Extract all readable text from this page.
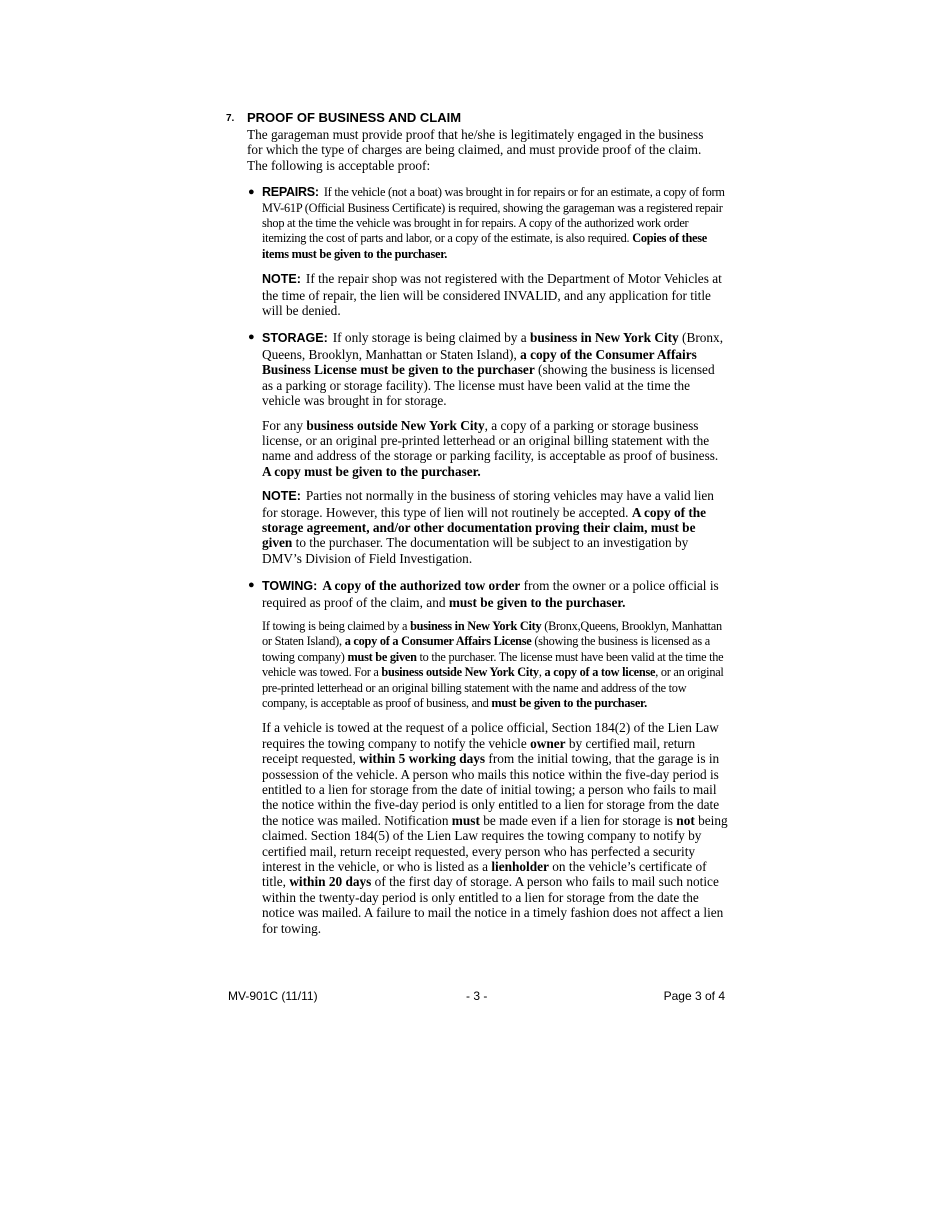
7. PROOF OF BUSINESS AND CLAIM
The garageman must provide proof that he/she is legitimately engaged in the business for which the type of charges are being claimed, and must provide proof of the claim. The following is acceptable proof:
● REPAIRS: If the vehicle (not a boat) was brought in for repairs or for an estimate, a copy of form MV-61P (Official Business Certificate) is required, showing the garageman was a registered repair shop at the time the vehicle was brought in for repairs. A copy of the authorized work order itemizing the cost of parts and labor, or a copy of the estimate, is also required. Copies of these items must be given to the purchaser.

NOTE: If the repair shop was not registered with the Department of Motor Vehicles at the time of repair, the lien will be considered INVALID, and any application for title will be denied.

● STORAGE: If only storage is being claimed by a business in New York City (Bronx, Queens, Brooklyn, Manhattan or Staten Island), a copy of the Consumer Affairs Business License must be given to the purchaser (showing the business is licensed as a parking or storage facility). The license must have been valid at the time the vehicle was brought in for storage.

For any business outside New York City, a copy of a parking or storage business license, or an original pre-printed letterhead or an original billing statement with the name and address of the storage or parking facility, is acceptable as proof of business. A copy must be given to the purchaser.

NOTE: Parties not normally in the business of storing vehicles may have a valid lien for storage. However, this type of lien will not routinely be accepted. A copy of the storage agreement, and/or other documentation proving their claim, must be given to the purchaser. The documentation will be subject to an investigation by DMV’s Division of Field Investigation.

● TOWING: A copy of the authorized tow order from the owner or a police official is required as proof of the claim, and must be given to the purchaser.

If towing is being claimed by a business in New York City (Bronx,Queens, Brooklyn, Manhattan or Staten Island), a copy of a Consumer Affairs License (showing the business is licensed as a towing company) must be given to the purchaser. The license must have been valid at the time the vehicle was towed. For a business outside New York City, a copy of a tow license, or an original pre-printed letterhead or an original billing statement with the name and address of the tow company, is acceptable as proof of business, and must be given to the purchaser.

If a vehicle is towed at the request of a police official, Section 184(2) of the Lien Law requires the towing company to notify the vehicle owner by certified mail, return receipt requested, within 5 working days from the initial towing, that the garage is in possession of the vehicle. A person who mails this notice within the five-day period is entitled to a lien for storage from the date of initial towing; a person who fails to mail the notice within the five-day period is only entitled to a lien for storage from the date the notice was mailed. Notification must be made even if a lien for storage is not being claimed. Section 184(5) of the Lien Law requires the towing company to notify by certified mail, return receipt requested, every person who has perfected a security interest in the vehicle, or who is listed as a lienholder on the vehicle’s certificate of title, within 20 days of the first day of storage. A person who fails to mail such notice within the twenty-day period is only entitled to a lien for storage from the date the notice was mailed. A failure to mail the notice in a timely fashion does not affect a lien for towing.

MV-901C (11/11)	- 3 -	Page 3 of 4
